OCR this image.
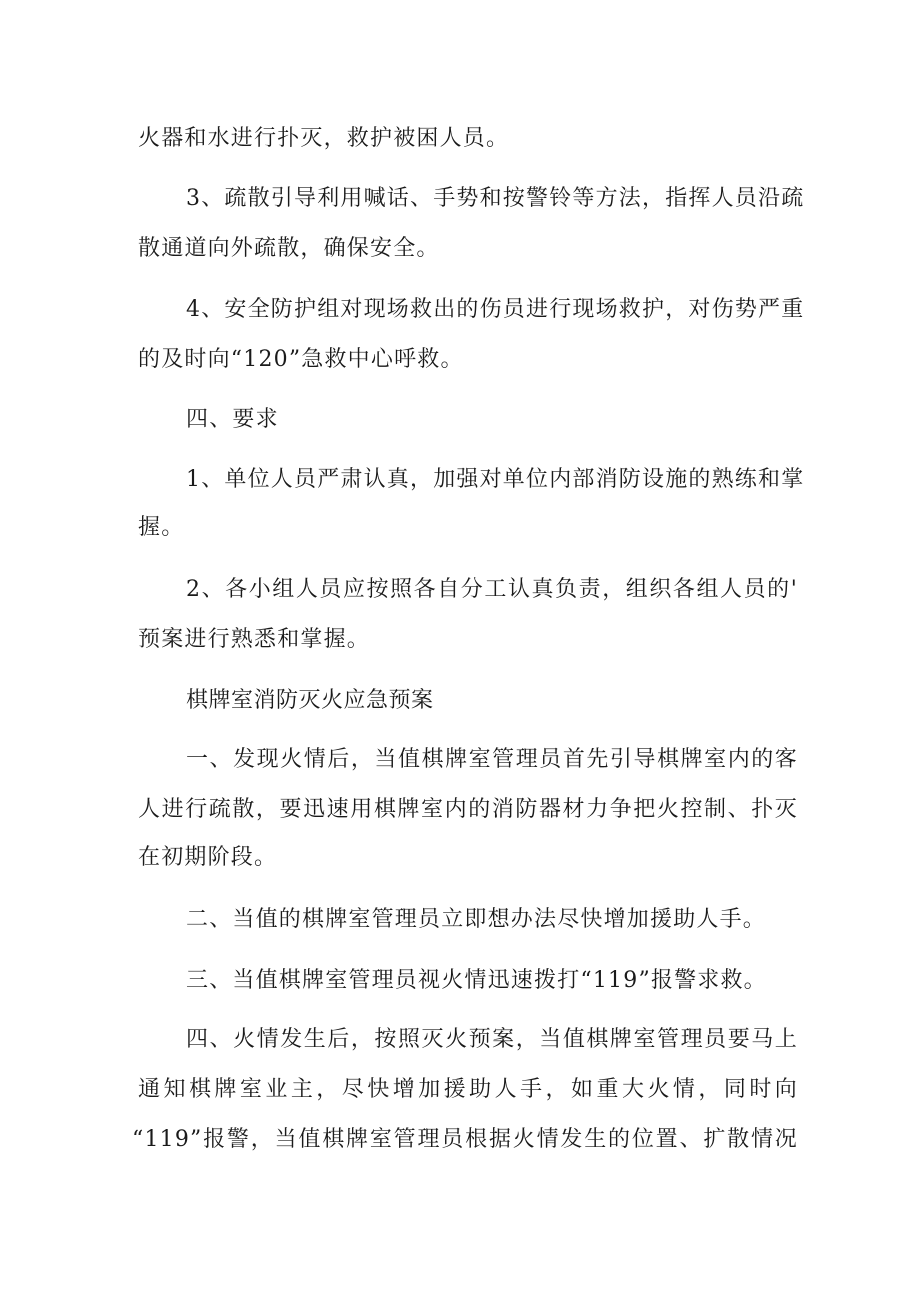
火器和水进行扑灭，救护被困人员。
3、疏散引导利用喊话、手势和按警铃等方法，指挥人员沿疏
散通道向外疏散，确保安全。
4、安全防护组对现场救出的伤员进行现场救护，对伤势严重
的及时向“120”急救中心呼救。
四、要求
1、单位人员严肃认真，加强对单位内部消防设施的熟练和掌
握。
2、各小组人员应按照各自分工认真负责，组织各组人员的'
预案进行熟悉和掌握。
棋牌室消防灭火应急预案
一、发现火情后，当值棋牌室管理员首先引导棋牌室内的客
人进行疏散，要迅速用棋牌室内的消防器材力争把火控制、扑灭
在初期阶段。
二、当值的棋牌室管理员立即想办法尽快增加援助人手。
三、当值棋牌室管理员视火情迅速拨打“119”报警求救。
四、火情发生后，按照灭火预案，当值棋牌室管理员要马上
通知棋牌室业主，尽快增加援助人手，如重大火情，同时向
“119”报警，当值棋牌室管理员根据火情发生的位置、扩散情况
